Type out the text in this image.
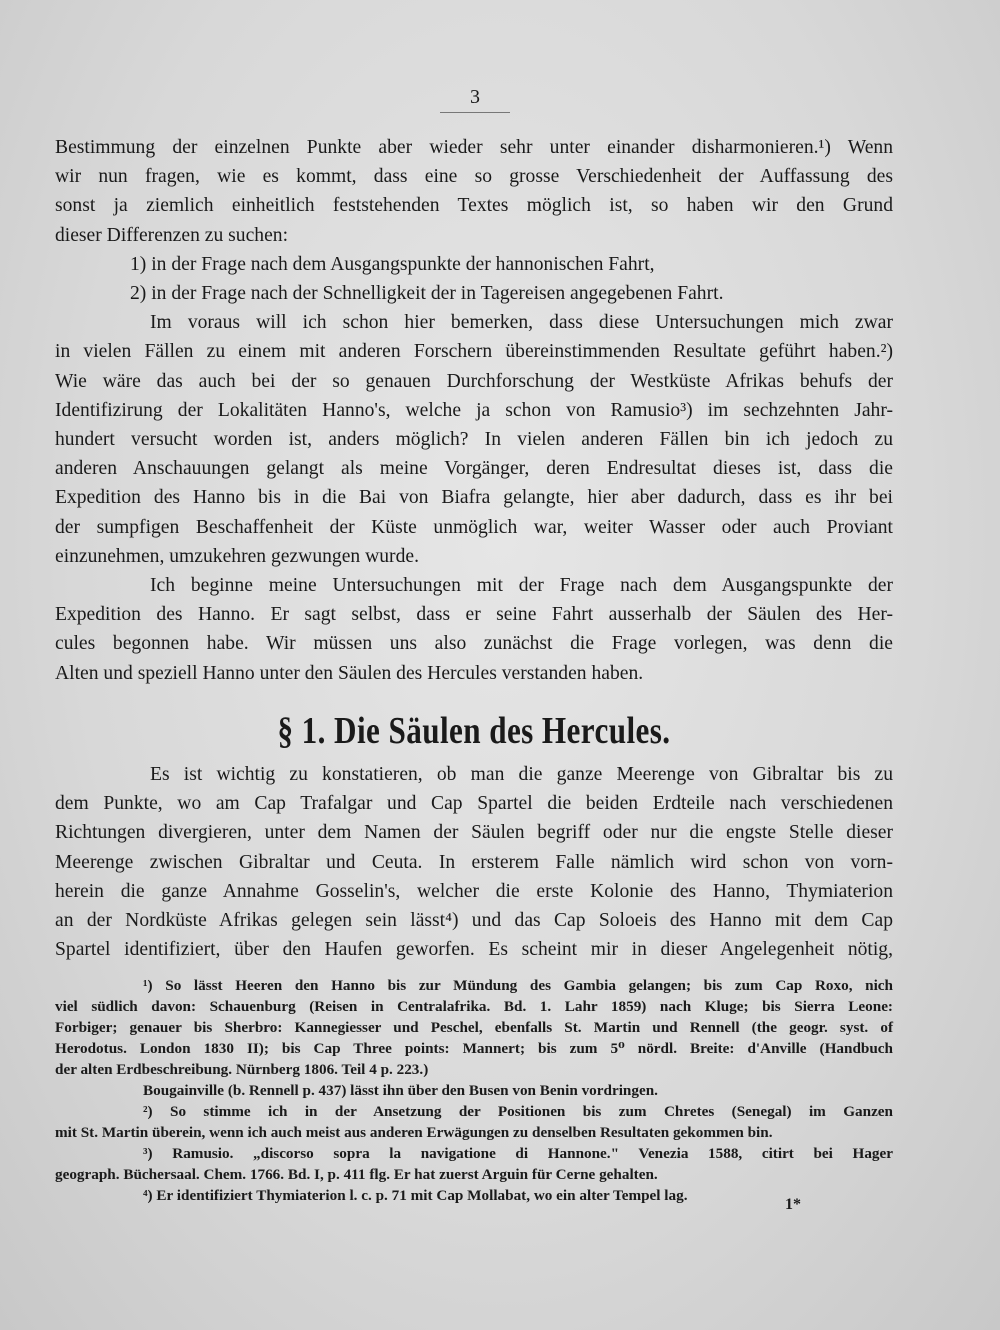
3

Bestimmung der einzelnen Punkte aber wieder sehr unter einander disharmonieren.¹) Wenn

wir nun fragen, wie es kommt, dass eine so grosse Verschiedenheit der Auffassung des

sonst ja ziemlich einheitlich feststehenden Textes möglich ist, so haben wir den Grund

dieser Differenzen zu suchen:

1) in der Frage nach dem Ausgangspunkte der hannonischen Fahrt,

2) in der Frage nach der Schnelligkeit der in Tagereisen angegebenen Fahrt.

Im voraus will ich schon hier bemerken, dass diese Untersuchungen mich zwar

in vielen Fällen zu einem mit anderen Forschern übereinstimmenden Resultate geführt haben.²)

Wie wäre das auch bei der so genauen Durchforschung der Westküste Afrikas behufs der

Identifizirung der Lokalitäten Hanno's, welche ja schon von Ramusio³) im sechzehnten Jahr-

hundert versucht worden ist, anders möglich? In vielen anderen Fällen bin ich jedoch zu

anderen Anschauungen gelangt als meine Vorgänger, deren Endresultat dieses ist, dass die

Expedition des Hanno bis in die Bai von Biafra gelangte, hier aber dadurch, dass es ihr bei

der sumpfigen Beschaffenheit der Küste unmöglich war, weiter Wasser oder auch Proviant

einzunehmen, umzukehren gezwungen wurde.

Ich beginne meine Untersuchungen mit der Frage nach dem Ausgangspunkte der

Expedition des Hanno. Er sagt selbst, dass er seine Fahrt ausserhalb der Säulen des Her-

cules begonnen habe. Wir müssen uns also zunächst die Frage vorlegen, was denn die

Alten und speziell Hanno unter den Säulen des Hercules verstanden haben.

§ 1. Die Säulen des Hercules.

Es ist wichtig zu konstatieren, ob man die ganze Meerenge von Gibraltar bis zu

dem Punkte, wo am Cap Trafalgar und Cap Spartel die beiden Erdteile nach verschiedenen

Richtungen divergieren, unter dem Namen der Säulen begriff oder nur die engste Stelle dieser

Meerenge zwischen Gibraltar und Ceuta. In ersterem Falle nämlich wird schon von vorn-

herein die ganze Annahme Gosselin's, welcher die erste Kolonie des Hanno, Thymiaterion

an der Nordküste Afrikas gelegen sein lässt⁴) und das Cap Soloeis des Hanno mit dem Cap

Spartel identifiziert, über den Haufen geworfen. Es scheint mir in dieser Angelegenheit nötig,

¹) So lässt Heeren den Hanno bis zur Mündung des Gambia gelangen; bis zum Cap Roxo, nich

viel südlich davon: Schauenburg (Reisen in Centralafrika. Bd. 1. Lahr 1859) nach Kluge; bis Sierra Leone:

Forbiger; genauer bis Sherbro: Kannegiesser und Peschel, ebenfalls St. Martin und Rennell (the geogr. syst. of

Herodotus. London 1830 II); bis Cap Three points: Mannert; bis zum 5⁰ nördl. Breite: d'Anville (Handbuch

der alten Erdbeschreibung. Nürnberg 1806. Teil 4 p. 223.)

Bougainville (b. Rennell p. 437) lässt ihn über den Busen von Benin vordringen.

²) So stimme ich in der Ansetzung der Positionen bis zum Chretes (Senegal) im Ganzen

mit St. Martin überein, wenn ich auch meist aus anderen Erwägungen zu denselben Resultaten gekommen bin.

³) Ramusio. „discorso sopra la navigatione di Hannone." Venezia 1588, citirt bei Hager

geograph. Büchersaal. Chem. 1766. Bd. I, p. 411 flg. Er hat zuerst Arguin für Cerne gehalten.

⁴) Er identifiziert Thymiaterion l. c. p. 71 mit Cap Mollabat, wo ein alter Tempel lag.

1*
